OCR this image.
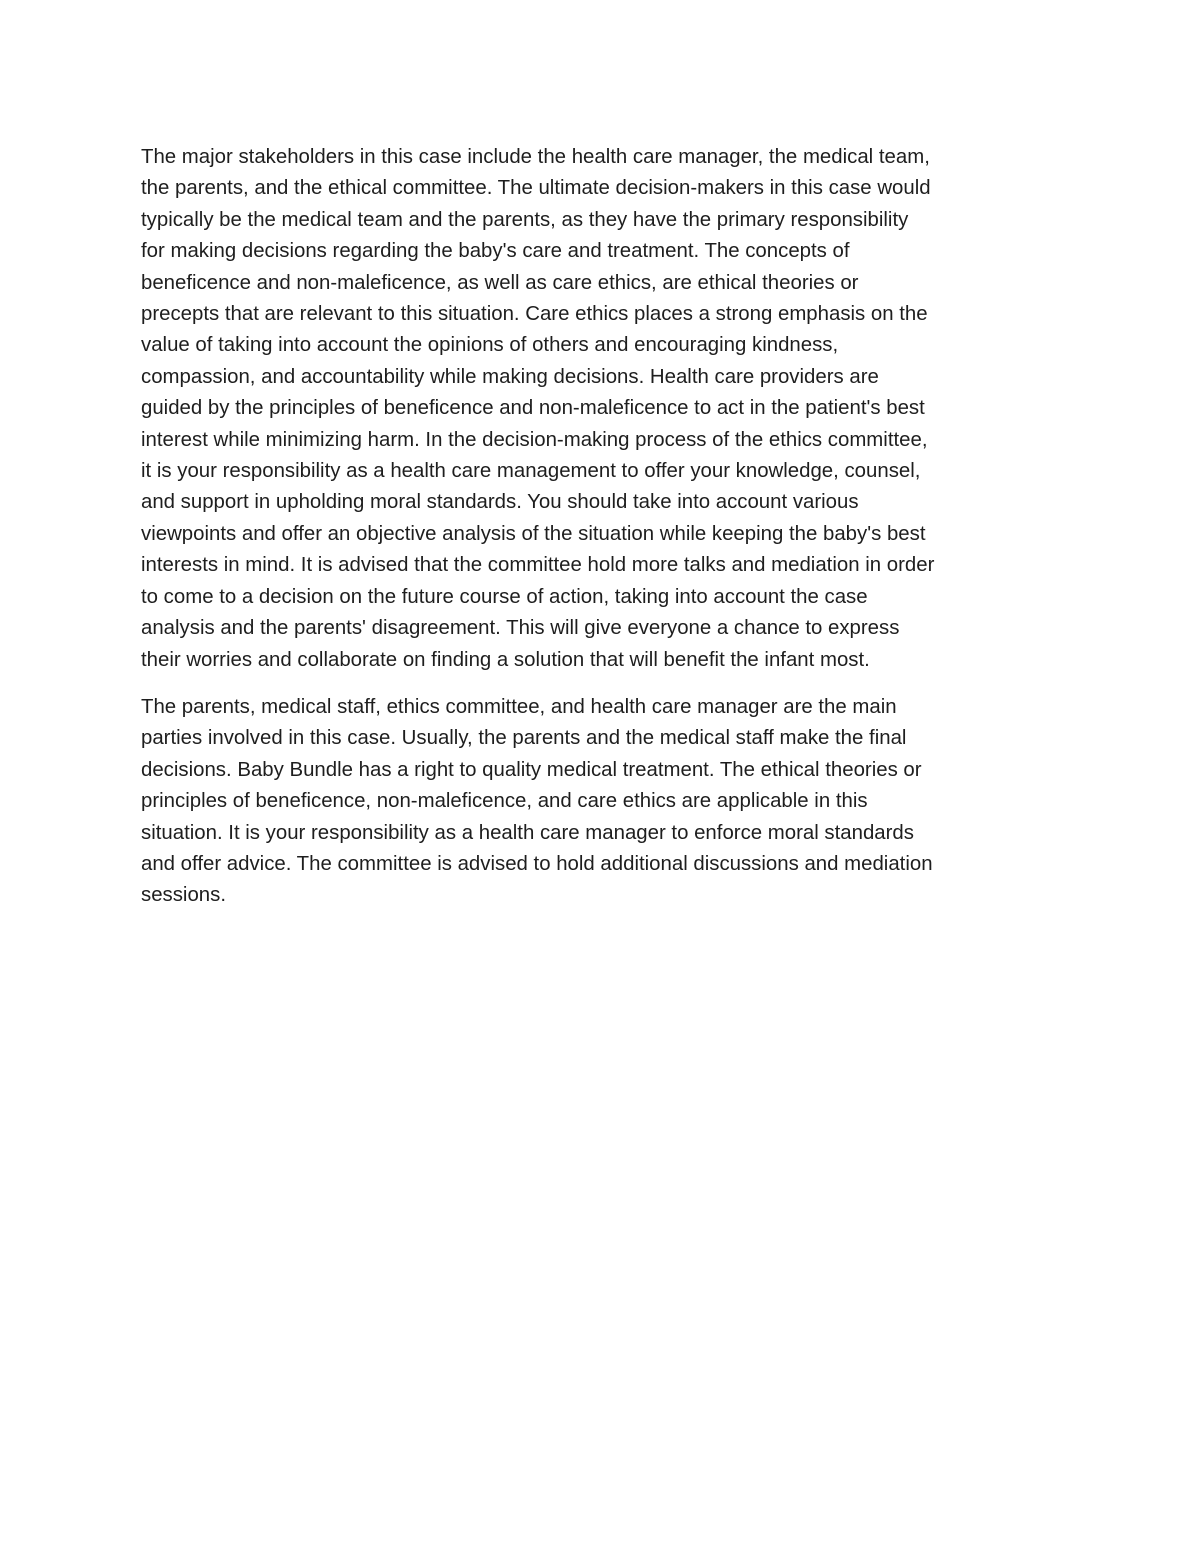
The major stakeholders in this case include the health care manager, the medical team,
the parents, and the ethical committee. The ultimate decision-makers in this case would
typically be the medical team and the parents, as they have the primary responsibility
for making decisions regarding the baby's care and treatment. The concepts of
beneficence and non-maleficence, as well as care ethics, are ethical theories or
precepts that are relevant to this situation. Care ethics places a strong emphasis on the
value of taking into account the opinions of others and encouraging kindness,
compassion, and accountability while making decisions. Health care providers are
guided by the principles of beneficence and non-maleficence to act in the patient's best
interest while minimizing harm. In the decision-making process of the ethics committee,
it is your responsibility as a health care management to offer your knowledge, counsel,
and support in upholding moral standards. You should take into account various
viewpoints and offer an objective analysis of the situation while keeping the baby's best
interests in mind. It is advised that the committee hold more talks and mediation in order
to come to a decision on the future course of action, taking into account the case
analysis and the parents' disagreement. This will give everyone a chance to express
their worries and collaborate on finding a solution that will benefit the infant most.

The parents, medical staff, ethics committee, and health care manager are the main
parties involved in this case. Usually, the parents and the medical staff make the final
decisions. Baby Bundle has a right to quality medical treatment. The ethical theories or
principles of beneficence, non-maleficence, and care ethics are applicable in this
situation. It is your responsibility as a health care manager to enforce moral standards
and offer advice. The committee is advised to hold additional discussions and mediation
sessions.
